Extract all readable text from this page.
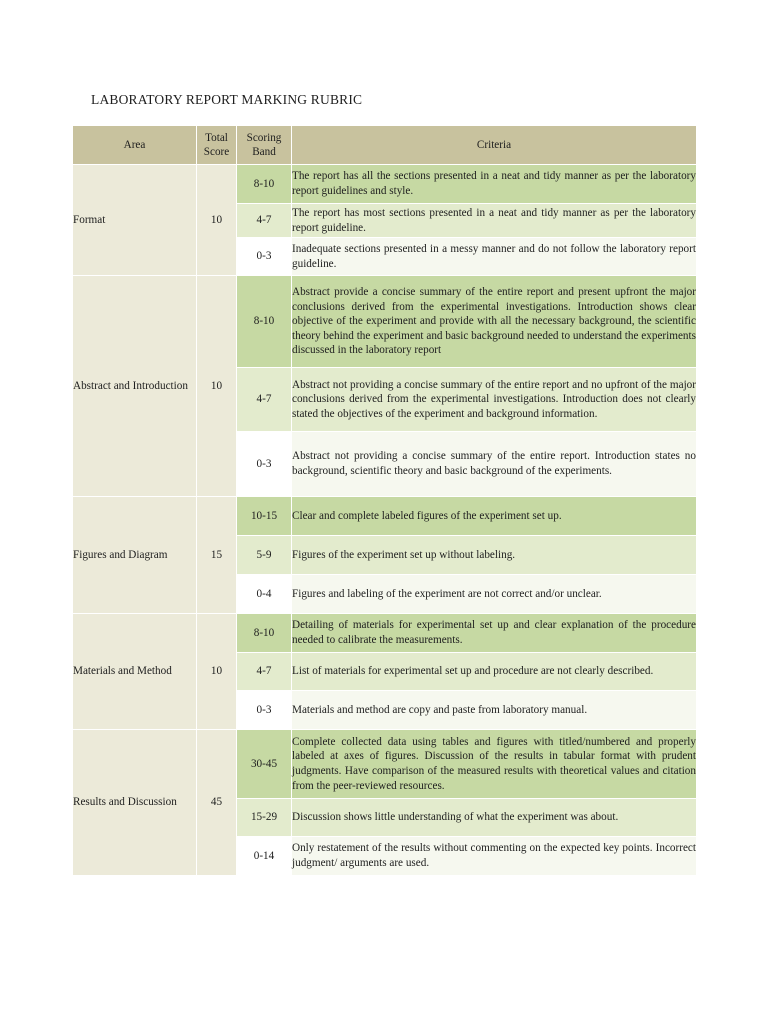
LABORATORY REPORT MARKING RUBRIC
Area	Total Score	Scoring Band	Criteria
Format	10	8-10	The report has all the sections presented in a neat and tidy manner as per the laboratory report guidelines and style.
		4-7	The report has most sections presented in a neat and tidy manner as per the laboratory report guideline.
		0-3	Inadequate sections presented in a messy manner and do not follow the laboratory report guideline.
Abstract and Introduction	10	8-10	Abstract provide a concise summary of the entire report and present upfront the major conclusions derived from the experimental investigations. Introduction shows clear objective of the experiment and provide with all the necessary background, the scientific theory behind the experiment and basic background needed to understand the experiments discussed in the laboratory report
		4-7	Abstract not providing a concise summary of the entire report and no upfront of the major conclusions derived from the experimental investigations. Introduction does not clearly stated the objectives of the experiment and background information.
		0-3	Abstract not providing a concise summary of the entire report. Introduction states no background, scientific theory and basic background of the experiments.
Figures and Diagram	15	10-15	Clear and complete labeled figures of the experiment set up.
		5-9	Figures of the experiment set up without labeling.
		0-4	Figures and labeling of the experiment are not correct and/or unclear.
Materials and Method	10	8-10	Detailing of materials for experimental set up and clear explanation of the procedure needed to calibrate the measurements.
		4-7	List of materials for experimental set up and procedure are not clearly described.
		0-3	Materials and method are copy and paste from laboratory manual.
Results and Discussion	45	30-45	Complete collected data using tables and figures with titled/numbered and properly labeled at axes of figures. Discussion of the results in tabular format with prudent judgments. Have comparison of the measured results with theoretical values and citation from the peer-reviewed resources.
		15-29	Discussion shows little understanding of what the experiment was about.
		0-14	Only restatement of the results without commenting on the expected key points. Incorrect judgment/ arguments are used.
